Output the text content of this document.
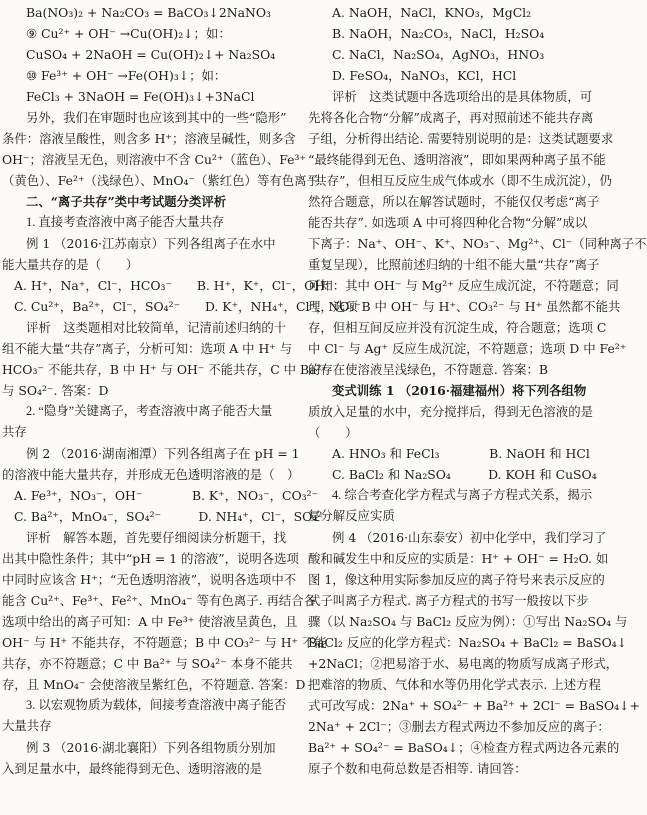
Ba(NO₃)₂ + Na₂CO₃ = BaCO₃↓2NaNO₃
⑨ Cu²⁺ + OH⁻ →Cu(OH)₂↓；如：
CuSO₄ + 2NaOH = Cu(OH)₂↓+ Na₂SO₄
⑩ Fe³⁺ + OH⁻ →Fe(OH)₃↓；如：
FeCl₃ + 3NaOH = Fe(OH)₃↓+3NaCl
另外，我们在审题时也应该到其中的一些“隐形”
条件：溶液呈酸性，则含多 H⁺；溶液呈碱性，则多含
OH⁻；溶液呈无色，则溶液中不含 Cu²⁺（蓝色）、Fe³⁺
（黄色）、Fe²⁺（浅绿色）、MnO₄⁻（紫红色）等有色离子.
二、“离子共存”类中考试题分类评析
1. 直接考查溶液中离子能否大量共存
例 1 （2016·江苏南京）下列各组离子在水中
能大量共存的是（　　）
A. H⁺，Na⁺，Cl⁻，HCO₃⁻　　B. H⁺，K⁺，Cl⁻，OH⁻
C. Cu²⁺，Ba²⁺，Cl⁻，SO₄²⁻　　D. K⁺，NH₄⁺，Cl⁻，NO₃⁻
评析　这类题相对比较简单，记清前述归纳的十
组不能大量“共存”离子，分析可知：选项 A 中 H⁺ 与
HCO₃⁻ 不能共存，B 中 H⁺ 与 OH⁻ 不能共存，C 中 Ba²⁺
与 SO₄²⁻. 答案：D
2. “隐身”关键离子，考查溶液中离子能否大量
共存
例 2 （2016·湖南湘潭）下列各组离子在 pH = 1
的溶液中能大量共存，并形成无色透明溶液的是（　）
A. Fe³⁺，NO₃⁻，OH⁻　　　　B. K⁺，NO₃⁻，CO₃²⁻
C. Ba²⁺，MnO₄⁻，SO₄²⁻　　　D. NH₄⁺，Cl⁻，SO₄²⁻
评析　解答本题，首先要仔细阅读分析题干，找
出其中隐性条件；其中“pH = 1 的溶液”，说明各选项
中同时应该含 H⁺；“无色透明溶液”，说明各选项中不
能含 Cu²⁺、Fe³⁺、Fe²⁺、MnO₄⁻ 等有色离子. 再结合各
选项中给出的离子可知：A 中 Fe³⁺ 使溶液呈黄色，且
OH⁻ 与 H⁺ 不能共存，不符题意；B 中 CO₃²⁻ 与 H⁺ 不能
共存，亦不符题意；C 中 Ba²⁺ 与 SO₄²⁻ 本身不能共
存，且 MnO₄⁻ 会使溶液呈紫红色，不符题意. 答案：D
3. 以宏观物质为载体，间接考查溶液中离子能否
大量共存
例 3 （2016·湖北襄阳）下列各组物质分别加
入到足量水中，最终能得到无色、透明溶液的是
A. NaOH，NaCl，KNO₃，MgCl₂
B. NaOH，Na₂CO₃，NaCl，H₂SO₄
C. NaCl，Na₂SO₄，AgNO₃，HNO₃
D. FeSO₄，NaNO₃，KCl，HCl
评析　这类试题中各选项给出的是具体物质，可
先将各化合物“分解”成离子，再对照前述不能共存离
子组，分析得出结论. 需要特别说明的是：这类试题要求
“最终能得到无色、透明溶液”，即如果两种离子虽不能
“共存”，但相互反应生成气体或水（即不生成沉淀），仍
然符合题意，所以在解答试题时，不能仅仅考虑“离子
能否共存”. 如选项 A 中可将四种化合物“分解”成以
下离子：Na⁺、OH⁻、K⁺、NO₃⁻、Mg²⁺、Cl⁻（同种离子不
重复呈现），比照前述归纳的十组不能大量“共存”离子
可知：其中 OH⁻ 与 Mg²⁺ 反应生成沉淀，不符题意；同
理，选项 B 中 OH⁻ 与 H⁺、CO₃²⁻ 与 H⁺ 虽然都不能共
存，但相互间反应并没有沉淀生成，符合题意；选项 C
中 Cl⁻ 与 Ag⁺ 反应生成沉淀，不符题意；选项 D 中 Fe²⁺
的存在使溶液呈浅绿色，不符题意. 答案：B
变式训练 1 （2016·福建福州）将下列各组物
质放入足量的水中，充分搅拌后，得到无色溶液的是
（　　）
A. HNO₃ 和 FeCl₃　　　　B. NaOH 和 HCl
C. BaCl₂ 和 Na₂SO₄　　　D. KOH 和 CuSO₄
4. 综合考查化学方程式与离子方程式关系，揭示
复分解反应实质
例 4 （2016·山东泰安）初中化学中，我们学习了
酸和碱发生中和反应的实质是：H⁺ + OH⁻ = H₂O. 如
图 1，像这种用实际参加反应的离子符号来表示反应的
式子叫离子方程式. 离子方程式的书写一般按以下步
骤（以 Na₂SO₄ 与 BaCl₂ 反应为例）：①写出 Na₂SO₄ 与
BaCl₂ 反应的化学方程式：Na₂SO₄ + BaCl₂ = BaSO₄↓
+2NaCl；②把易溶于水、易电离的物质写成离子形式，
把难溶的物质、气体和水等仍用化学式表示. 上述方程
式可改写成：2Na⁺ + SO₄²⁻ + Ba²⁺ + 2Cl⁻ = BaSO₄↓+
2Na⁺ + 2Cl⁻；③删去方程式两边不参加反应的离子：
Ba²⁺ + SO₄²⁻ = BaSO₄↓；④检查方程式两边各元素的
原子个数和电荷总数是否相等. 请回答：
